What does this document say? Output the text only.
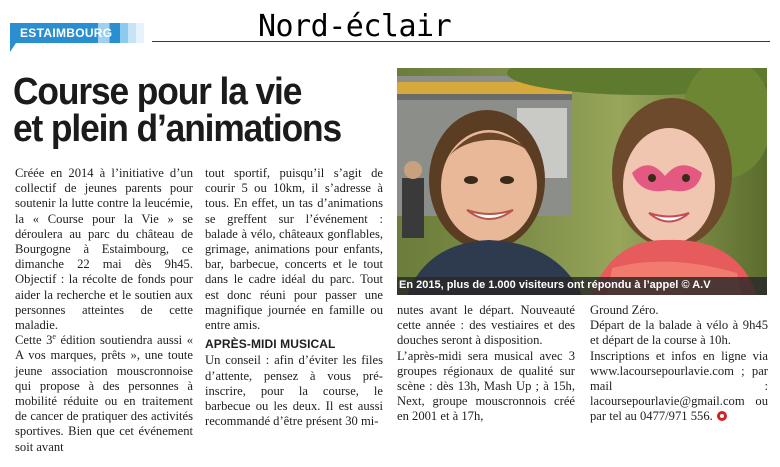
ESTAIMBOURG	Nord-éclair
Course pour la vie
et plein d’animations
En 2015, plus de 1.000 visiteurs ont répondu à l’appel © A.V

Créée en 2014 à l’initiative d’un collectif de jeunes parents pour soutenir la lutte contre la leucémie, la « Course pour la Vie » se déroulera au parc du château de Bourgogne à Estaimbourg, ce dimanche 22 mai dès 9h45. Objectif : la récolte de fonds pour aider la recherche et le soutien aux personnes atteintes de cette maladie.

Cette 3e édition soutiendra aussi « A vos marques, prêts », une toute jeune association mouscronnoise qui propose à des personnes à mobilité réduite ou en traitement de cancer de pratiquer des activités sportives. Bien que cet événement soit avant

tout sportif, puisqu’il s’agit de courir 5 ou 10km, il s’adresse à tous. En effet, un tas d’animations se greffent sur l’événement : balade à vélo, châteaux gonflables, grimage, animations pour enfants, bar, barbecue, concerts et le tout dans le cadre idéal du parc. Tout est donc réuni pour passer une magnifique journée en famille ou entre amis.

APRÈS-MIDI MUSICAL

Un conseil : afin d’éviter les files d’attente, pensez à vous pré-inscrire, pour la course, le barbecue ou les deux. Il est aussi recommandé d’être présent 30 mi-

nutes avant le départ. Nouveauté cette année : des vestiaires et des douches seront à disposition.

L’après-midi sera musical avec 3 groupes régionaux de qualité sur scène : dès 13h, Mash Up ; à 15h, Next, groupe mouscronnois créé en 2001 et à 17h,

Ground Zéro.

Départ de la balade à vélo à 9h45 et départ de la course à 10h.

Inscriptions et infos en ligne via www.lacoursepourlavie.com ; par mail : lacoursepourlavie@gmail.com ou par tel au 0477/971 556.
